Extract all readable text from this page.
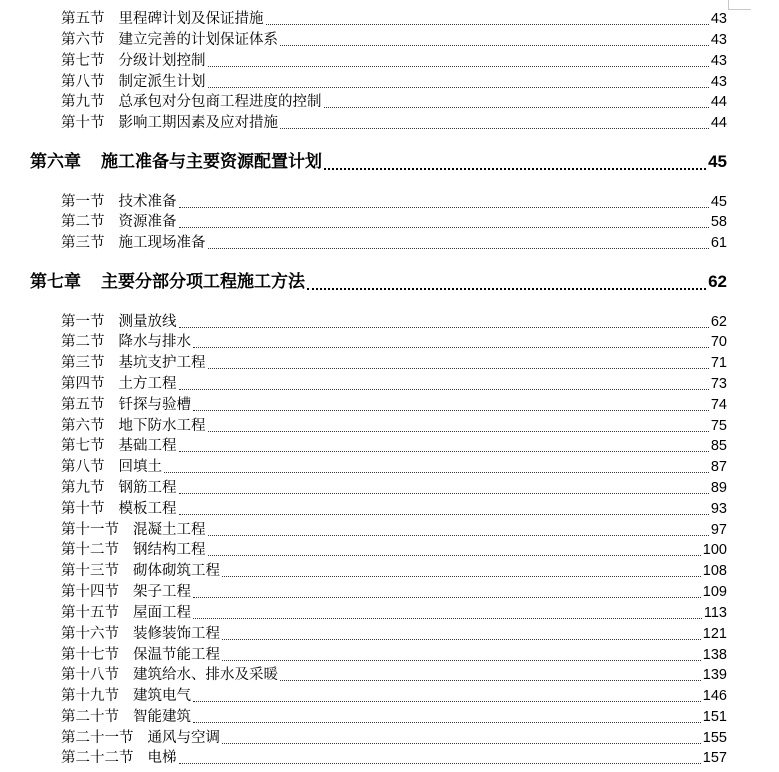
第五节 里程碑计划及保证措施	43
第六节 建立完善的计划保证体系	43
第七节 分级计划控制	43
第八节 制定派生计划	43
第九节 总承包对分包商工程进度的控制	44
第十节 影响工期因素及应对措施	44
第六章 施工准备与主要资源配置计划	45
第一节 技术准备	45
第二节 资源准备	58
第三节 施工现场准备	61
第七章 主要分部分项工程施工方法	62
第一节 测量放线	62
第二节 降水与排水	70
第三节 基坑支护工程	71
第四节 土方工程	73
第五节 钎探与验槽	74
第六节 地下防水工程	75
第七节 基础工程	85
第八节 回填土	87
第九节 钢筋工程	89
第十节 模板工程	93
第十一节 混凝土工程	97
第十二节 钢结构工程	100
第十三节 砌体砌筑工程	108
第十四节 架子工程	109
第十五节 屋面工程	113
第十六节 装修装饰工程	121
第十七节 保温节能工程	138
第十八节 建筑给水、排水及采暖	139
第十九节 建筑电气	146
第二十节 智能建筑	151
第二十一节 通风与空调	155
第二十二节 电梯	157
